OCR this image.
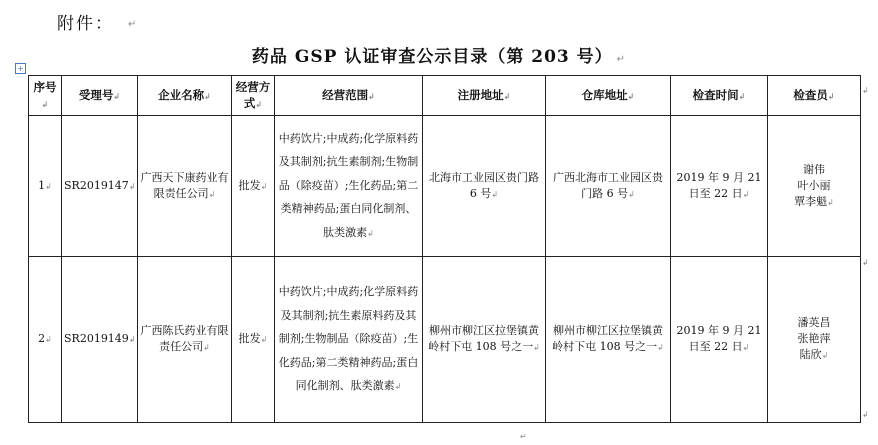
附件： ↵
药品 GSP 认证审查公示目录（第 203 号） ↵
+
序号↲	受理号↲	企业名称↲	经营方式↲	经营范围↲	注册地址↲	仓库地址↲	检查时间↲	检查员↲
1↲	SR2019147↲	广西天下康药业有限责任公司↲	批发↲	中药饮片;中成药;化学原料药及其制剂;抗生素制剂;生物制品（除疫苗）;生化药品;第二类精神药品;蛋白同化制剂、肽类激素↲	北海市工业园区贵门路 6 号↲	广西北海市工业园区贵门路 6 号↲	2019 年 9 月 21 日至 22 日↲	谢伟
叶小丽
覃李魁↲
2↲	SR2019149↲	广西陈氏药业有限责任公司↲	批发↲	中药饮片;中成药;化学原料药及其制剂;抗生素原料药及其制剂;生物制品（除疫苗）;生化药品;第二类精神药品;蛋白同化制剂、肽类激素↲	柳州市柳江区拉堡镇黄岭村下屯 108 号之一↲	柳州市柳江区拉堡镇黄岭村下屯 108 号之一↲	2019 年 9 月 21 日至 22 日↲	潘英昌
张艳萍
陆欣↲
↲
↲
↲
↵
